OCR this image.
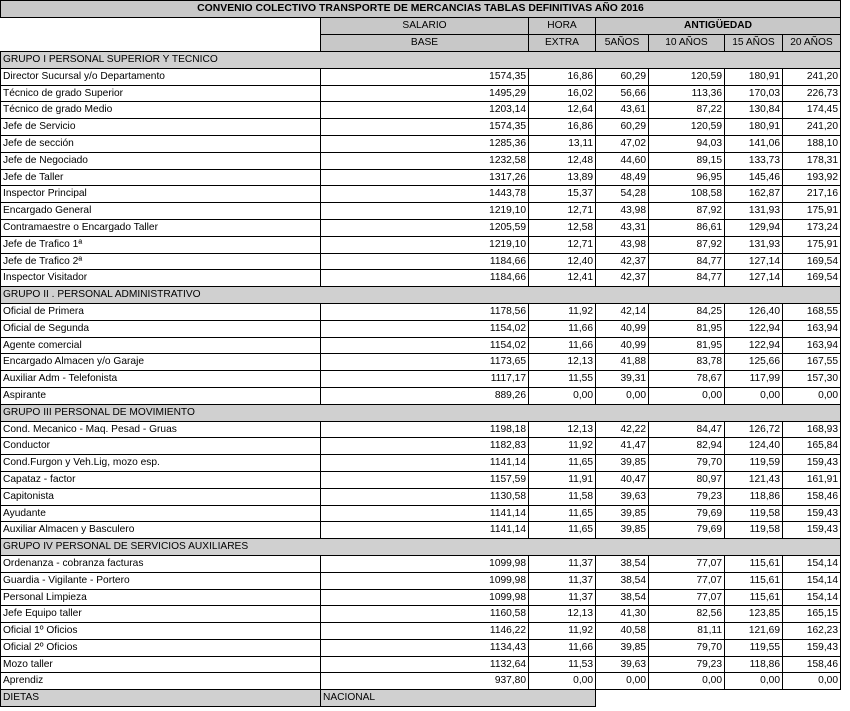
CONVENIO COLECTIVO TRANSPORTE DE MERCANCIAS TABLAS DEFINITIVAS AÑO 2016						
	SALARIO	HORA	ANTIGÜEDAD			
	BASE	EXTRA	5AÑOS	10 AÑOS	15 AÑOS	20 AÑOS
GRUPO I PERSONAL SUPERIOR Y TECNICO						
Director Sucursal y/o Departamento	1574,35	16,86	60,29	120,59	180,91	241,20
Técnico de grado Superior	1495,29	16,02	56,66	113,36	170,03	226,73
Técnico de grado Medio	1203,14	12,64	43,61	87,22	130,84	174,45
Jefe de Servicio	1574,35	16,86	60,29	120,59	180,91	241,20
Jefe de sección	1285,36	13,11	47,02	94,03	141,06	188,10
Jefe de Negociado	1232,58	12,48	44,60	89,15	133,73	178,31
Jefe de Taller	1317,26	13,89	48,49	96,95	145,46	193,92
Inspector Principal	1443,78	15,37	54,28	108,58	162,87	217,16
Encargado General	1219,10	12,71	43,98	87,92	131,93	175,91
Contramaestre o Encargado Taller	1205,59	12,58	43,31	86,61	129,94	173,24
Jefe de Trafico 1ª	1219,10	12,71	43,98	87,92	131,93	175,91
Jefe de Trafico 2ª	1184,66	12,40	42,37	84,77	127,14	169,54
Inspector Visitador	1184,66	12,41	42,37	84,77	127,14	169,54
GRUPO II . PERSONAL ADMINISTRATIVO						
Oficial de Primera	1178,56	11,92	42,14	84,25	126,40	168,55
Oficial de Segunda	1154,02	11,66	40,99	81,95	122,94	163,94
Agente comercial	1154,02	11,66	40,99	81,95	122,94	163,94
Encargado Almacen y/o Garaje	1173,65	12,13	41,88	83,78	125,66	167,55
Auxiliar Adm - Telefonista	1117,17	11,55	39,31	78,67	117,99	157,30
Aspirante	889,26	0,00	0,00	0,00	0,00	0,00
GRUPO III PERSONAL DE MOVIMIENTO						
Cond. Mecanico - Maq. Pesad - Gruas	1198,18	12,13	42,22	84,47	126,72	168,93
Conductor	1182,83	11,92	41,47	82,94	124,40	165,84
Cond.Furgon y Veh.Lig, mozo esp.	1141,14	11,65	39,85	79,70	119,59	159,43
Capataz - factor	1157,59	11,91	40,47	80,97	121,43	161,91
Capitonista	1130,58	11,58	39,63	79,23	118,86	158,46
Ayudante	1141,14	11,65	39,85	79,69	119,58	159,43
Auxiliar Almacen y Basculero	1141,14	11,65	39,85	79,69	119,58	159,43
GRUPO IV PERSONAL DE SERVICIOS AUXILIARES						
Ordenanza - cobranza facturas	1099,98	11,37	38,54	77,07	115,61	154,14
Guardia - Vigilante - Portero	1099,98	11,37	38,54	77,07	115,61	154,14
Personal Limpieza	1099,98	11,37	38,54	77,07	115,61	154,14
Jefe Equipo taller	1160,58	12,13	41,30	82,56	123,85	165,15
Oficial 1º Oficios	1146,22	11,92	40,58	81,11	121,69	162,23
Oficial 2º Oficios	1134,43	11,66	39,85	79,70	119,55	159,43
Mozo taller	1132,64	11,53	39,63	79,23	118,86	158,46
Aprendiz	937,80	0,00	0,00	0,00	0,00	0,00
DIETAS	NACIONAL					
